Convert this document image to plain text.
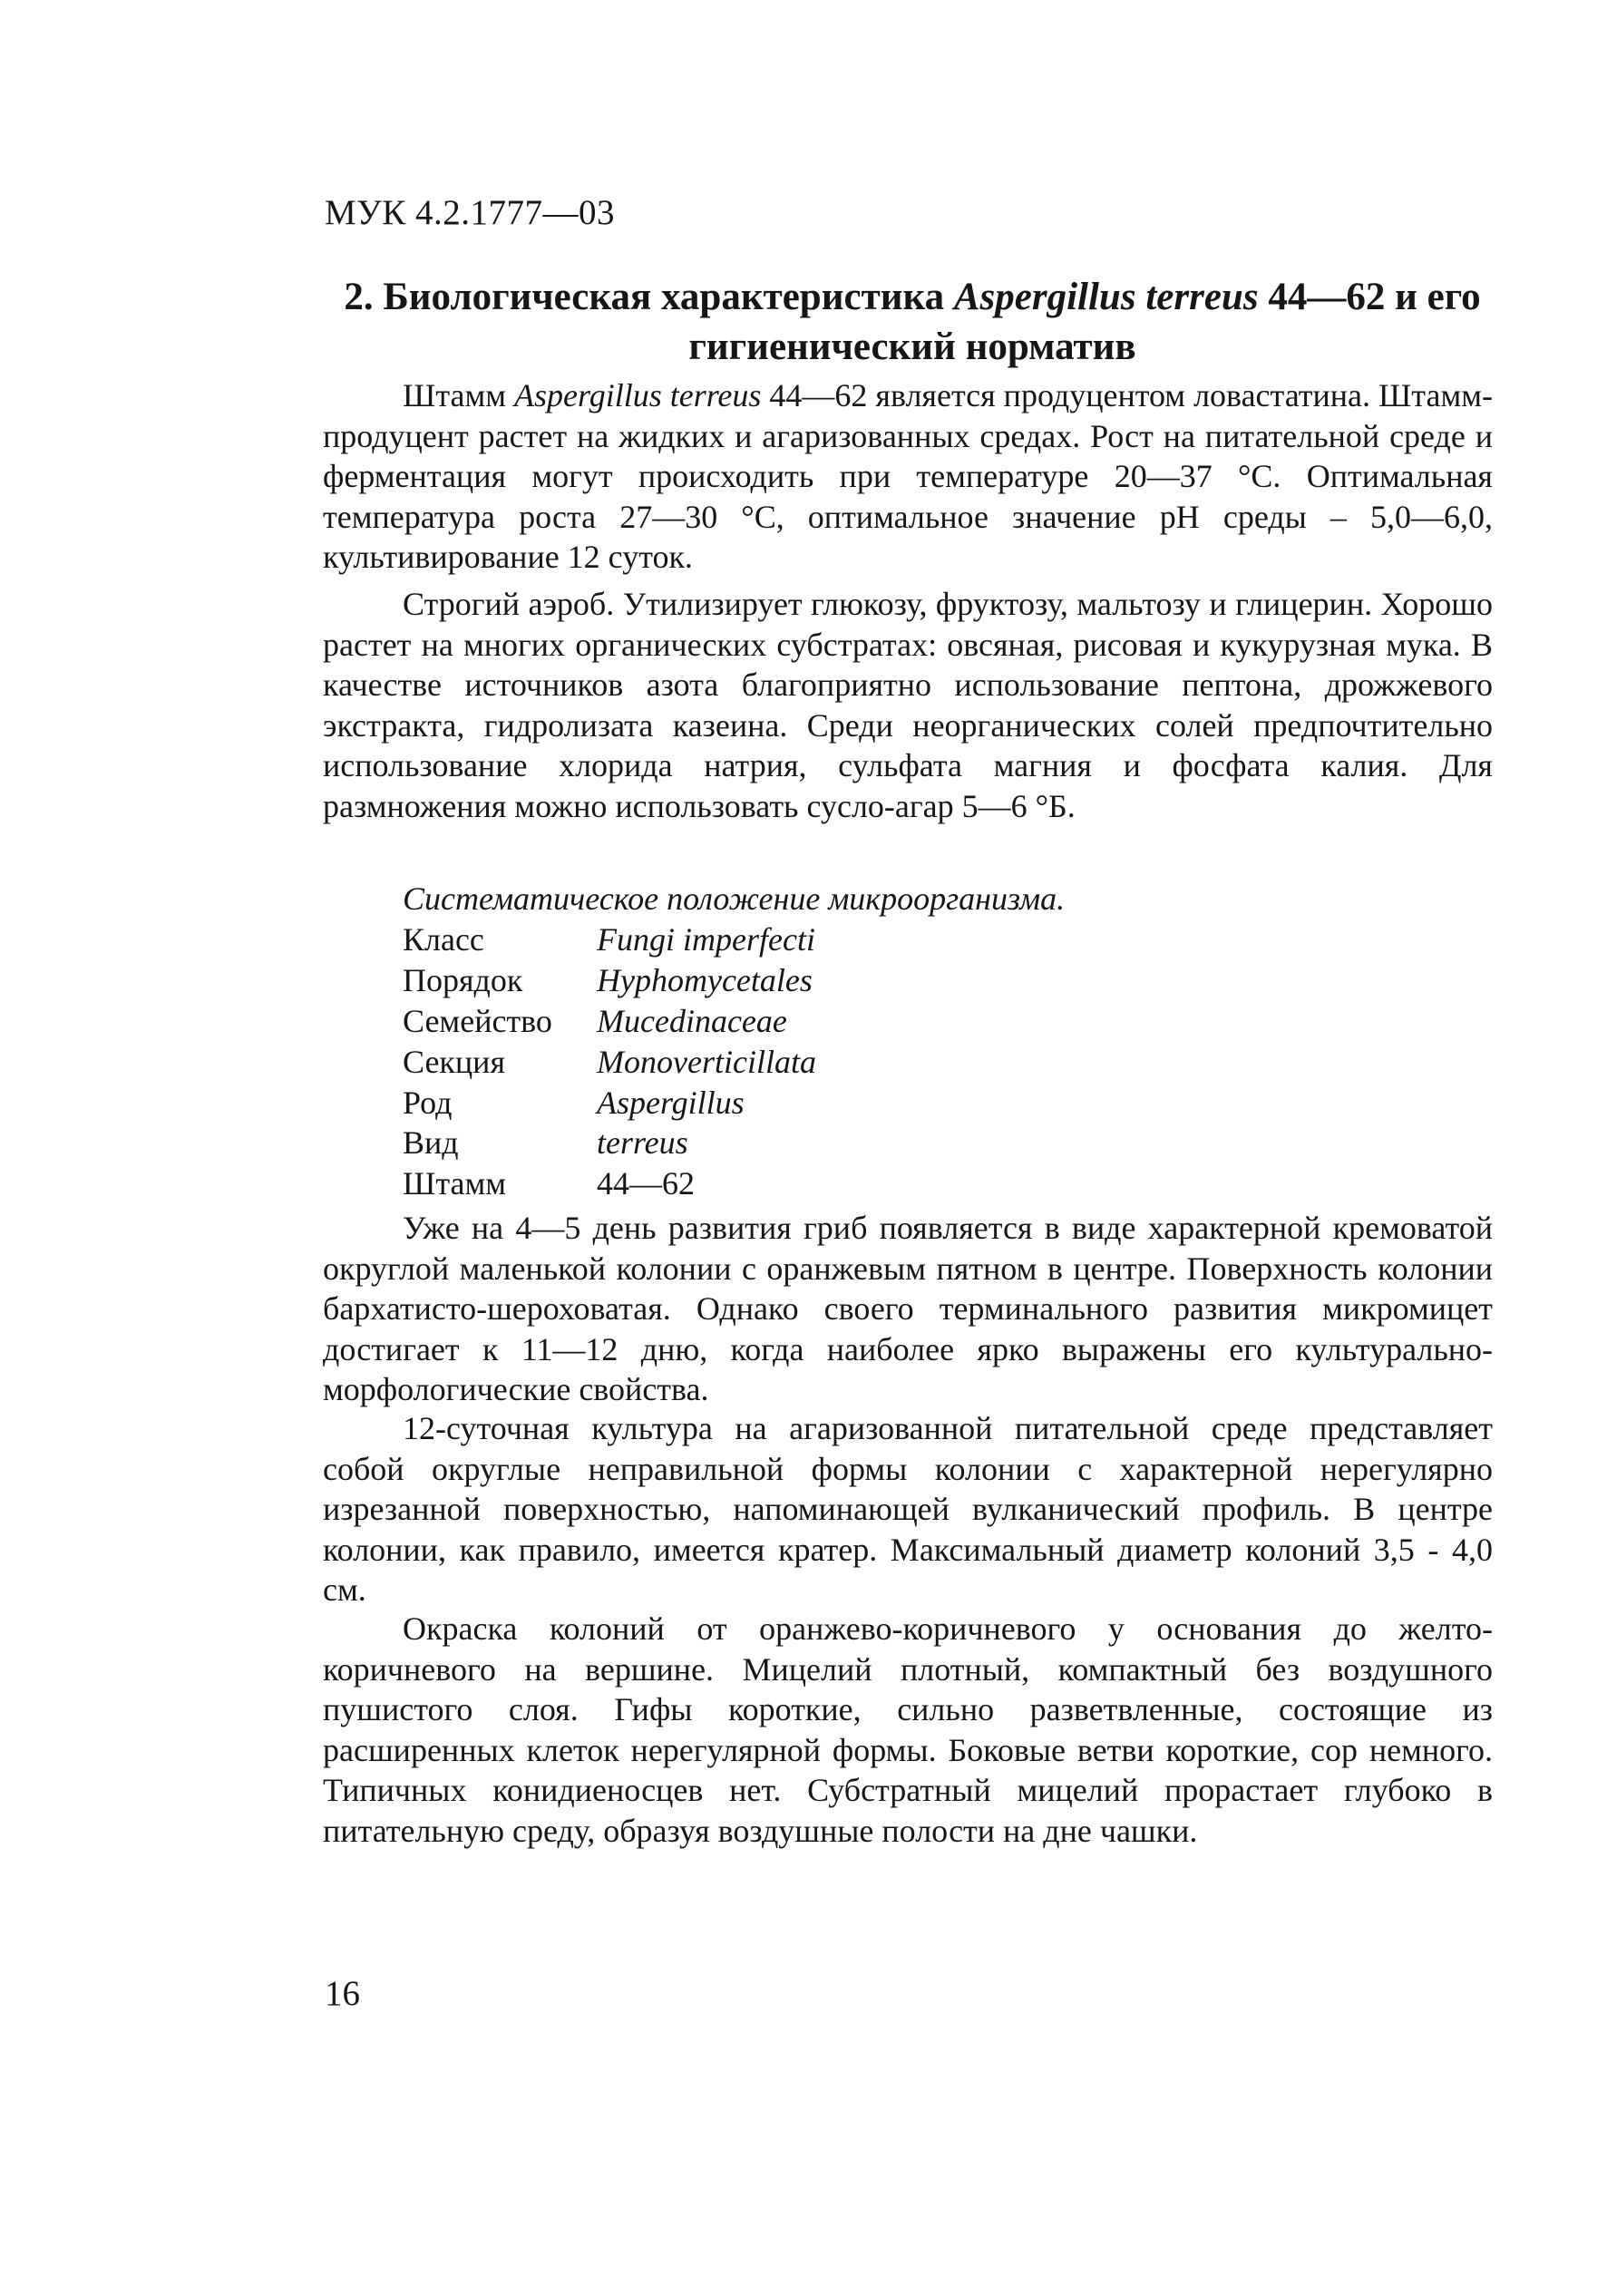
МУК 4.2.1777—03
2. Биологическая характеристика Aspergillus terreus 44—62 и его гигиенический норматив

Штамм Aspergillus terreus 44—62 является продуцентом ловастатина. Штамм-продуцент растет на жидких и агаризованных средах. Рост на питательной среде и ферментация могут происходить при температуре 20—37 °С. Оптимальная температура роста 27—30 °С, оптимальное значение рН среды – 5,0—6,0, культивирование 12 суток.

Строгий аэроб. Утилизирует глюкозу, фруктозу, мальтозу и глицерин. Хорошо растет на многих органических субстратах: овсяная, рисовая и кукурузная мука. В качестве источников азота благоприятно использование пептона, дрожжевого экстракта, гидролизата казеина. Среди неорганических солей предпочтительно использование хлорида натрия, сульфата магния и фосфата калия. Для размножения можно использовать сусло-агар 5—6 °Б.

Систематическое положение микроорганизма.
Класс	Fungi imperfecti
Порядок	Hyphomycetales
Семейство	Mucedinaceae
Секция	Monoverticillata
Род	Aspergillus
Вид	terreus
Штамм	44—62

Уже на 4—5 день развития гриб появляется в виде характерной кремоватой округлой маленькой колонии с оранжевым пятном в центре. Поверхность колонии бархатисто-шероховатая. Однако своего терминального развития микромицет достигает к 11—12 дню, когда наиболее ярко выражены его культурально-морфологические свойства.

12-суточная культура на агаризованной питательной среде представляет собой округлые неправильной формы колонии с характерной нерегулярно изрезанной поверхностью, напоминающей вулканический профиль. В центре колонии, как правило, имеется кратер. Максимальный диаметр колоний 3,5 - 4,0 см.

Окраска колоний от оранжево-коричневого у основания до желто-коричневого на вершине. Мицелий плотный, компактный без воздушного пушистого слоя. Гифы короткие, сильно разветвленные, состоящие из расширенных клеток нерегулярной формы. Боковые ветви короткие, сор немного. Типичных конидиеносцев нет. Субстратный мицелий прорастает глубоко в питательную среду, образуя воздушные полости на дне чашки.

16
